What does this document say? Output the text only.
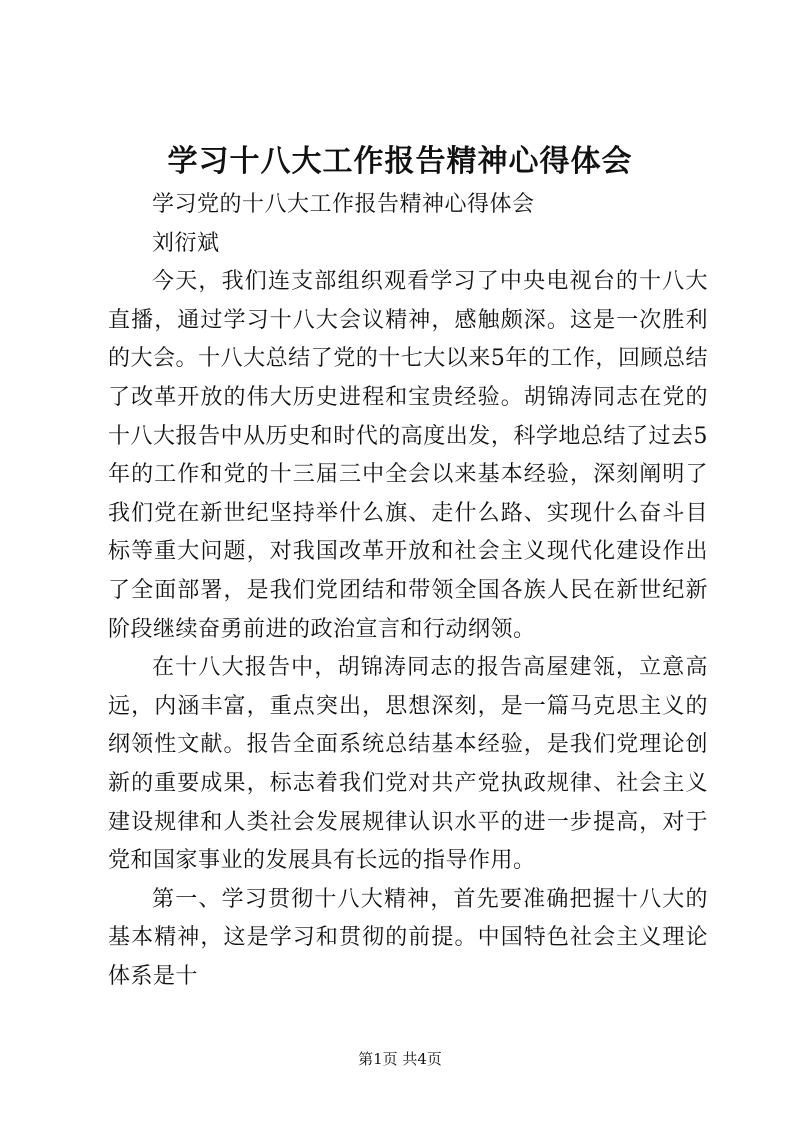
学习十八大工作报告精神心得体会

学习党的十八大工作报告精神心得体会

刘衍斌

今天，我们连支部组织观看学习了中央电视台的十八大直播，通过学习十八大会议精神，感触颇深。这是一次胜利的大会。十八大总结了党的十七大以来5年的工作，回顾总结了改革开放的伟大历史进程和宝贵经验。胡锦涛同志在党的十八大报告中从历史和时代的高度出发，科学地总结了过去5年的工作和党的十三届三中全会以来基本经验，深刻阐明了我们党在新世纪坚持举什么旗、走什么路、实现什么奋斗目标等重大问题，对我国改革开放和社会主义现代化建设作出了全面部署，是我们党团结和带领全国各族人民在新世纪新阶段继续奋勇前进的政治宣言和行动纲领。

在十八大报告中，胡锦涛同志的报告高屋建瓴，立意高远，内涵丰富，重点突出，思想深刻，是一篇马克思主义的纲领性文献。报告全面系统总结基本经验，是我们党理论创新的重要成果，标志着我们党对共产党执政规律、社会主义建设规律和人类社会发展规律认识水平的进一步提高，对于党和国家事业的发展具有长远的指导作用。

第一、学习贯彻十八大精神，首先要准确把握十八大的基本精神，这是学习和贯彻的前提。中国特色社会主义理论体系是十

第1页 共4页
